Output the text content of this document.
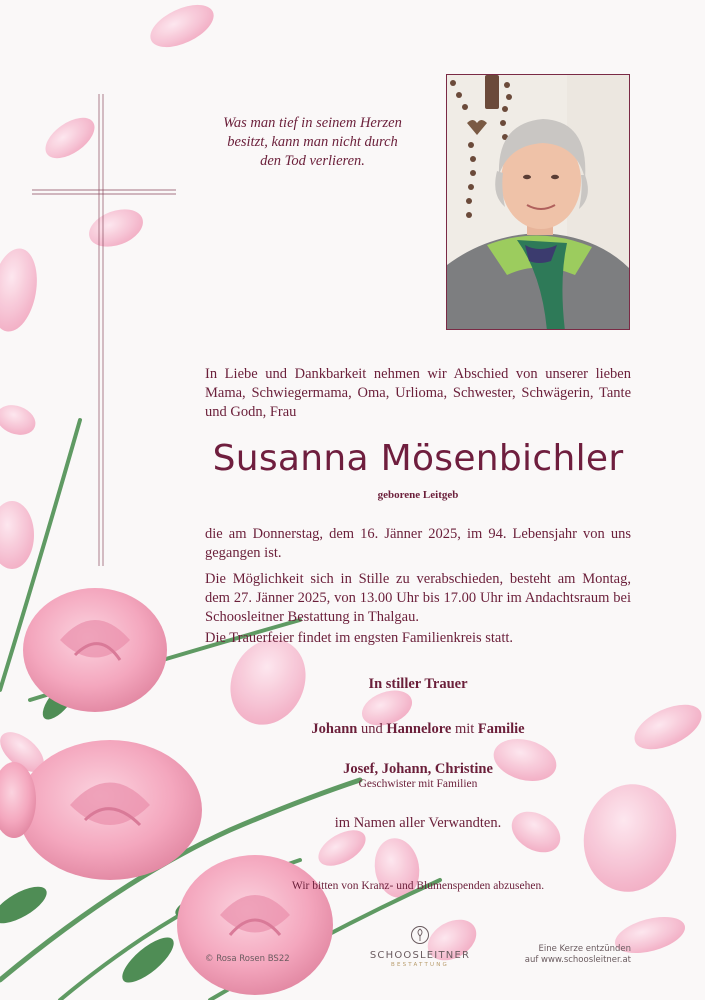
Was man tief in seinem Herzen
besitzt, kann man nicht durch
den Tod verlieren.

In Liebe und Dankbarkeit nehmen wir Abschied von unserer lieben Mama, Schwiegermama, Oma, Urlioma, Schwester, Schwägerin, Tante und Godn, Frau

Susanna Mösenbichler
geborene Leitgeb

die am Donnerstag, dem 16. Jänner 2025, im 94. Lebensjahr von uns gegangen ist.

Die Möglichkeit sich in Stille zu verabschieden, besteht am Montag, dem 27. Jänner 2025, von 13.00 Uhr bis 17.00 Uhr im Andachtsraum bei Schoosleitner Bestattung in Thalgau.

Die Trauerfeier findet im engsten Familienkreis statt.

In stiller Trauer
Johann und Hannelore mit Familie
Josef, Johann, Christine
Geschwister mit Familien
im Namen aller Verwandten.
Wir bitten von Kranz- und Blumenspenden abzusehen.
© Rosa Rosen BS22	SCHOOSLEITNER
BESTATTUNG
Eine Kerze entzünden
auf www.schoosleitner.at
